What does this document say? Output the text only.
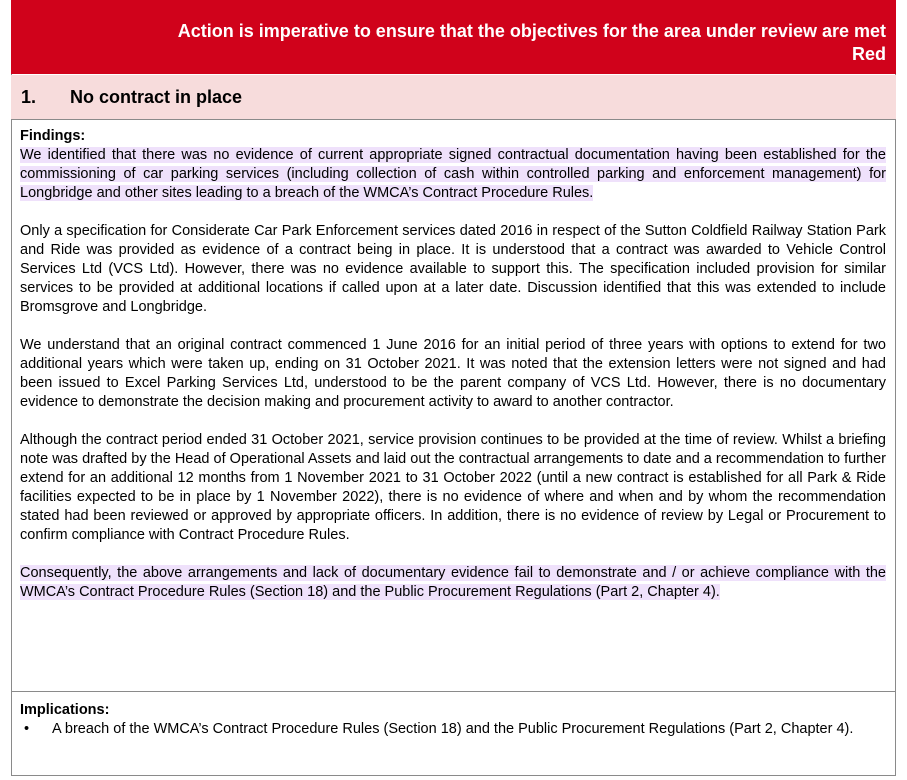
Action is imperative to ensure that the objectives for the area under review are met
Red
1. No contract in place
Findings:

We identified that there was no evidence of current appropriate signed contractual documentation having been established for the commissioning of car parking services (including collection of cash within controlled parking and enforcement management) for Longbridge and other sites leading to a breach of the WMCA’s Contract Procedure Rules.

Only a specification for Considerate Car Park Enforcement services dated 2016 in respect of the Sutton Coldfield Railway Station Park and Ride was provided as evidence of a contract being in place. It is understood that a contract was awarded to Vehicle Control Services Ltd (VCS Ltd). However, there was no evidence available to support this. The specification included provision for similar services to be provided at additional locations if called upon at a later date. Discussion identified that this was extended to include Bromsgrove and Longbridge.

We understand that an original contract commenced 1 June 2016 for an initial period of three years with options to extend for two additional years which were taken up, ending on 31 October 2021. It was noted that the extension letters were not signed and had been issued to Excel Parking Services Ltd, understood to be the parent company of VCS Ltd. However, there is no documentary evidence to demonstrate the decision making and procurement activity to award to another contractor.

Although the contract period ended 31 October 2021, service provision continues to be provided at the time of review. Whilst a briefing note was drafted by the Head of Operational Assets and laid out the contractual arrangements to date and a recommendation to further extend for an additional 12 months from 1 November 2021 to 31 October 2022 (until a new contract is established for all Park & Ride facilities expected to be in place by 1 November 2022), there is no evidence of where and when and by whom the recommendation stated had been reviewed or approved by appropriate officers. In addition, there is no evidence of review by Legal or Procurement to confirm compliance with Contract Procedure Rules.

Consequently, the above arrangements and lack of documentary evidence fail to demonstrate and / or achieve compliance with the WMCA’s Contract Procedure Rules (Section 18) and the Public Procurement Regulations (Part 2, Chapter 4).

Implications:
•	A breach of the WMCA’s Contract Procedure Rules (Section 18) and the Public Procurement Regulations (Part 2, Chapter 4).
